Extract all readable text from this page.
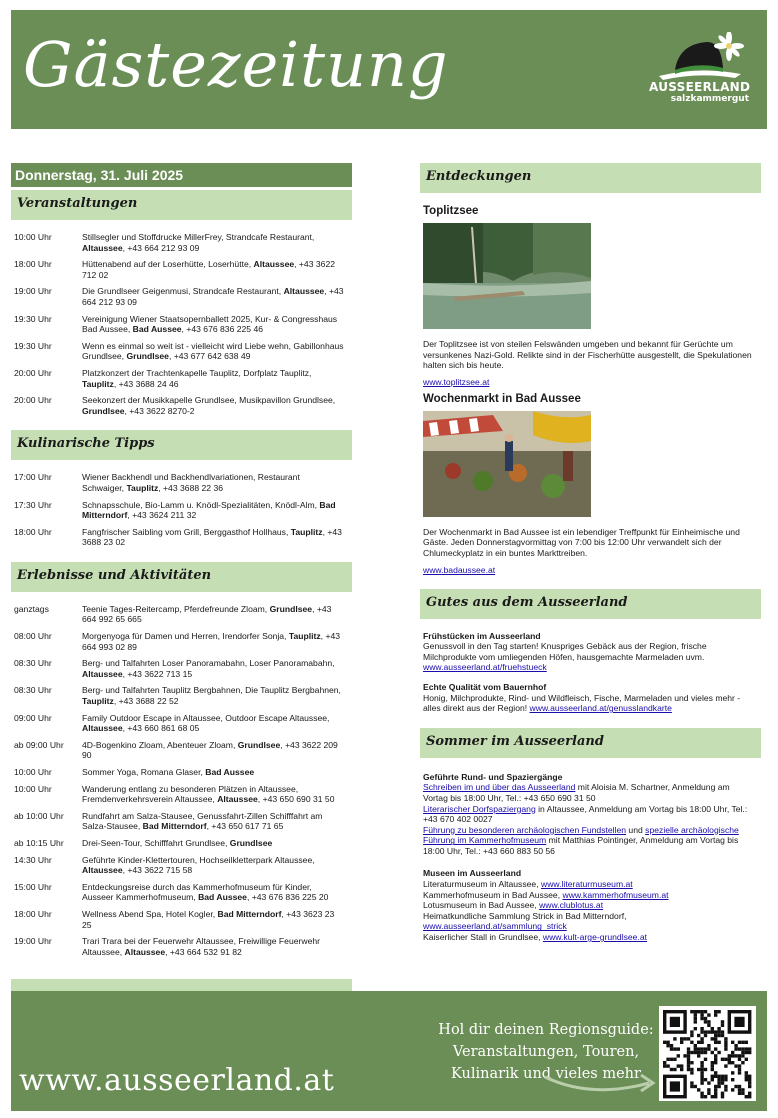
Gästezeitung	AUSSEERLAND
salzkammergut
Donnerstag, 31. Juli 2025
Veranstaltungen
10:00 Uhr	Stillsegler und Stoffdrucke MillerFrey, Strandcafe Restaurant, Altaussee, +43 664 212 93 09
18:00 Uhr	Hüttenabend auf der Loserhütte, Loserhütte, Altaussee, +43 3622 712 02
19:00 Uhr	Die Grundlseer Geigenmusi, Strandcafe Restaurant, Altaussee, +43 664 212 93 09
19:30 Uhr	Vereinigung Wiener Staatsopernballett 2025, Kur- & Congresshaus Bad Aussee, Bad Aussee, +43 676 836 225 46
19:30 Uhr	Wenn es einmal so weit ist - vielleicht wird Liebe wehn, Gabillonhaus Grundlsee, Grundlsee, +43 677 642 638 49
20:00 Uhr	Platzkonzert der Trachtenkapelle Tauplitz, Dorfplatz Tauplitz, Tauplitz, +43 3688 24 46
20:00 Uhr	Seekonzert der Musikkapelle Grundlsee, Musikpavillon Grundlsee, Grundlsee, +43 3622 8270-2
Kulinarische Tipps
17:00 Uhr	Wiener Backhendl und Backhendlvariationen, Restaurant Schwaiger, Tauplitz, +43 3688 22 36
17:30 Uhr	Schnapsschule, Bio-Lamm u. Knödl-Spezialitäten, Knödl-Alm, Bad Mitterndorf, +43 3624 211 32
18:00 Uhr	Fangfrischer Saibling vom Grill, Berggasthof Hollhaus, Tauplitz, +43 3688 23 02
Erlebnisse und Aktivitäten
ganztags	Teenie Tages-Reitercamp, Pferdefreunde Zloam, Grundlsee, +43 664 992 65 665
08:00 Uhr	Morgenyoga für Damen und Herren, Irendorfer Sonja, Tauplitz, +43 664 993 02 89
08:30 Uhr	Berg- und Talfahrten Loser Panoramabahn, Loser Panoramabahn, Altaussee, +43 3622 713 15
08:30 Uhr	Berg- und Talfahrten Tauplitz Bergbahnen, Die Tauplitz Bergbahnen, Tauplitz, +43 3688 22 52
09:00 Uhr	Family Outdoor Escape in Altaussee, Outdoor Escape Altaussee, Altaussee, +43 660 861 68 05
ab 09:00 Uhr	4D-Bogenkino Zloam, Abenteuer Zloam, Grundlsee, +43 3622 209 90
10:00 Uhr	Sommer Yoga, Romana Glaser, Bad Aussee
10:00 Uhr	Wanderung entlang zu besonderen Plätzen in Altaussee, Fremdenverkehrsverein Altaussee, Altaussee, +43 650 690 31 50
ab 10:00 Uhr	Rundfahrt am Salza-Stausee, Genussfahrt-Zillen Schifffahrt am Salza-Stausee, Bad Mitterndorf, +43 650 617 71 65
ab 10:15 Uhr	Drei-Seen-Tour, Schifffahrt Grundlsee, Grundlsee
14:30 Uhr	Geführte Kinder-Klettertouren, Hochseilkletterpark Altaussee, Altaussee, +43 3622 715 58
15:00 Uhr	Entdeckungsreise durch das Kammerhofmuseum für Kinder, Ausseer Kammerhofmuseum, Bad Aussee, +43 676 836 225 20
18:00 Uhr	Wellness Abend Spa, Hotel Kogler, Bad Mitterndorf, +43 3623 23 25
19:00 Uhr	Trari Trara bei der Feuerwehr Altaussee, Freiwillige Feuerwehr Altaussee, Altaussee, +43 664 532 91 82
Entdeckungen
Toplitzsee
Der Toplitzsee ist von steilen Felswänden umgeben und bekannt für Gerüchte um versunkenes Nazi-Gold. Relikte sind in der Fischerhütte ausgestellt, die Spekulationen halten sich bis heute.
www.toplitzsee.at
Wochenmarkt in Bad Aussee
Der Wochenmarkt in Bad Aussee ist ein lebendiger Treffpunkt für Einheimische und Gäste. Jeden Donnerstagvormittag von 7:00 bis 12:00 Uhr verwandelt sich der Chlumeckyplatz in ein buntes Markttreiben.
www.badaussee.at
Gutes aus dem Ausseerland
Frühstücken im Ausseerland
Genussvoll in den Tag starten! Knuspriges Gebäck aus der Region, frische Milchprodukte vom umliegenden Höfen, hausgemachte Marmeladen uvm.
www.ausseerland.at/fruehstueck
Echte Qualität vom Bauernhof
Honig, Milchprodukte, Rind- und Wildfleisch, Fische, Marmeladen und vieles mehr - alles direkt aus der Region! www.ausseerland.at/genusslandkarte
Sommer im Ausseerland
Geführte Rund- und Spaziergänge
Schreiben im und über das Ausseerland mit Aloisia M. Schartner, Anmeldung am Vortag bis 18:00 Uhr, Tel.: +43 650 690 31 50
Literarischer Dorfspaziergang in Altaussee, Anmeldung am Vortag bis 18:00 Uhr, Tel.: +43 670 402 0027
Führung zu besonderen archäologischen Fundstellen und spezielle archäologische Führung im Kammerhofmuseum mit Matthias Pointinger, Anmeldung am Vortag bis 18:00 Uhr, Tel.: +43 660 883 50 56
Museen im Ausseerland
Literaturmuseum in Altaussee, www.literaturmuseum.at
Kammerhofmuseum in Bad Aussee, www.kammerhofmuseum.at
Lotusmuseum in Bad Aussee, www.clublotus.at
Heimatkundliche Sammlung Strick in Bad Mitterndorf, www.ausseerland.at/sammlung_strick
Kaiserlicher Stall in Grundlsee, www.kult-arge-grundlsee.at
www.ausseerland.at
Hol dir deinen Regionsguide:
Veranstaltungen, Touren,
Kulinarik und vieles mehr
